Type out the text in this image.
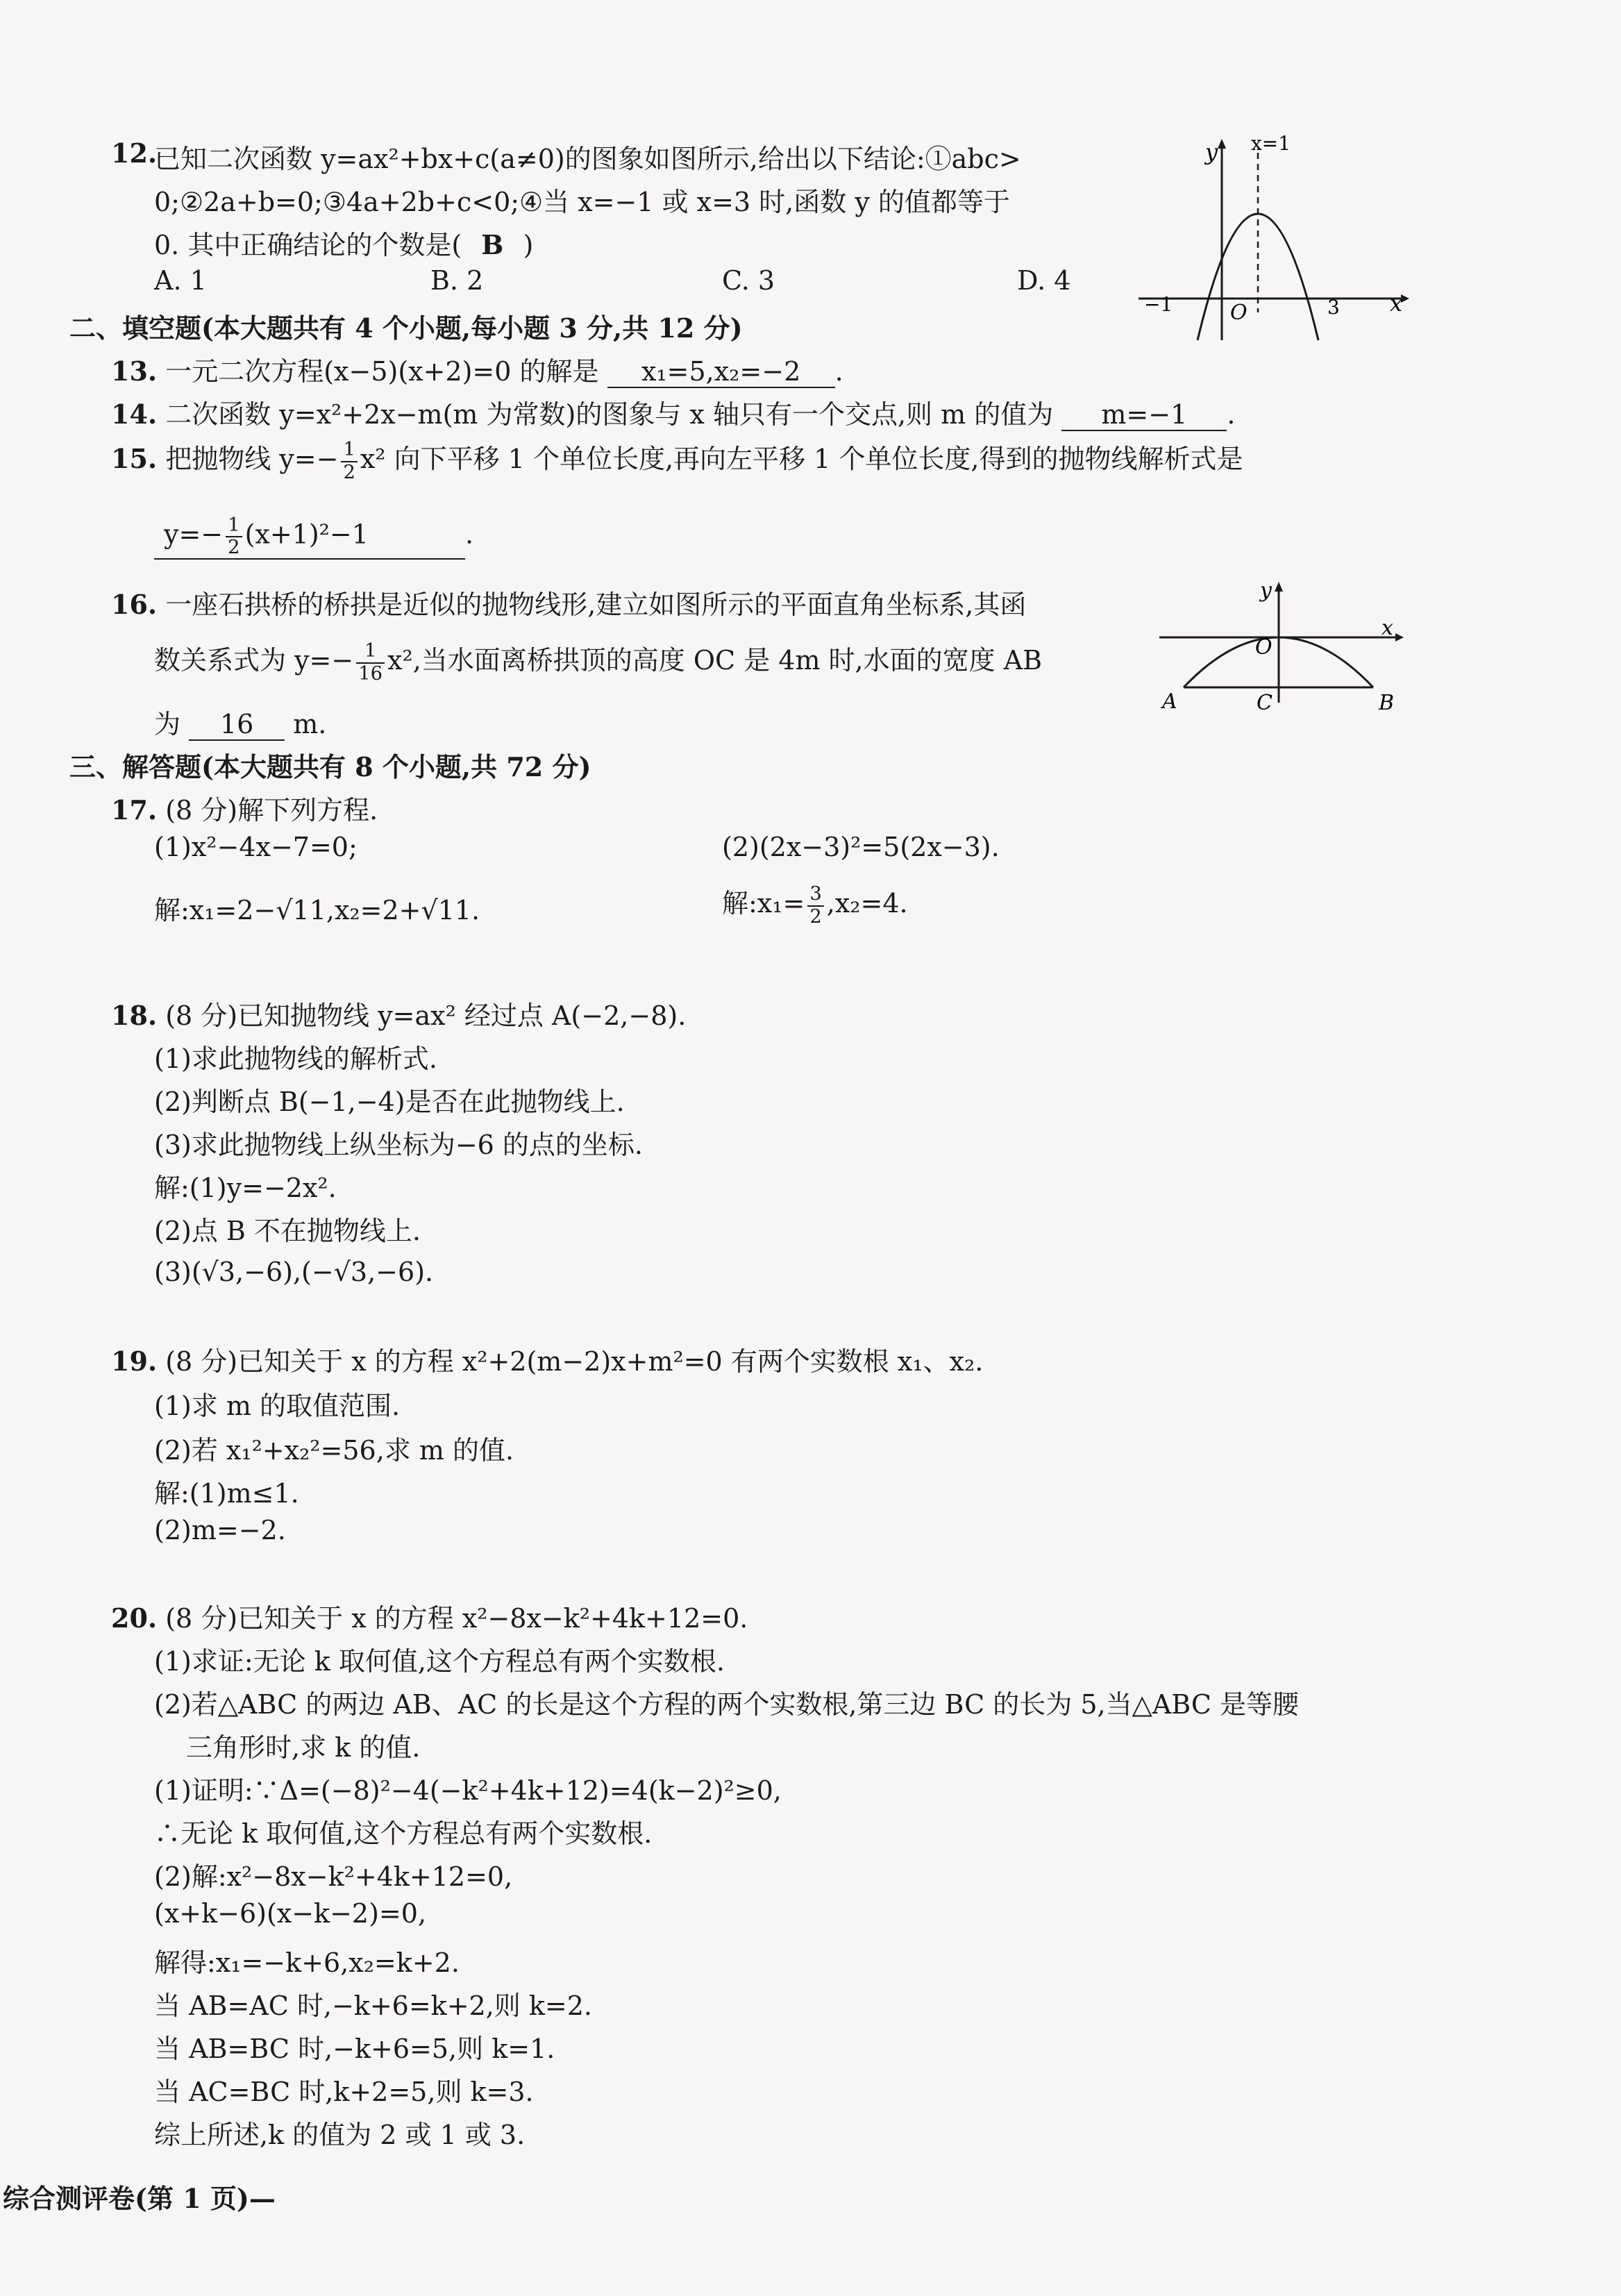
12.
已知二次函数 y=ax²+bx+c(a≠0)的图象如图所示,给出以下结论:①abc>
0;②2a+b=0;③4a+2b+c<0;④当 x=−1 或 x=3 时,函数 y 的值都等于
0. 其中正确结论的个数是( B )
A. 1	B. 2	C. 3	D. 4
y x=1
x
−1	O	3
二、填空题(本大题共有 4 个小题,每小题 3 分,共 12 分)
13. 一元二次方程(x−5)(x+2)=0 的解是 x₁=5,x₂=−2 .
14. 二次函数 y=x²+2x−m(m 为常数)的图象与 x 轴只有一个交点,则 m 的值为 m=−1 .
15. 把抛物线 $y=- \frac{1}{2} x^2$ 向下平移 1 个单位长度,再向左平移 1 个单位长度,得到的抛物线解析式是
$y=- \frac{1}{2} (x+1)^2-1$	.
16. 一座石拱桥的桥拱是近似的抛物线形,建立如图所示的平面直角坐标系,其函
数关系式为 $y=- \frac{1}{16} x^2$,当水面离桥拱顶的高度 OC 是 4m 时,水面的宽度 AB
为 16 m.
y
x
O
A	C	B
三、解答题(本大题共有 8 个小题,共 72 分)
17. (8 分)解下列方程.
(1)x²−4x−7=0;	(2)(2x−3)²=5(2x−3).
解:x₁=2−√11,x₂=2+√11.	解:x₁= $\frac{3}{2} ,x_2=4$.
18. (8 分)已知抛物线 y=ax² 经过点 A(−2,−8).
(1)求此抛物线的解析式.
(2)判断点 B(−1,−4)是否在此抛物线上.
(3)求此抛物线上纵坐标为−6 的点的坐标.
解:(1)y=−2x².
(2)点 B 不在抛物线上.
(3)(√3,−6),(−√3,−6).
19. (8 分)已知关于 x 的方程 x²+2(m−2)x+m²=0 有两个实数根 x₁、x₂.
(1)求 m 的取值范围.
(2)若 x₁²+x₂²=56,求 m 的值.
解:(1)m≤1.
(2)m=−2.
20. (8 分)已知关于 x 的方程 x²−8x−k²+4k+12=0.
(1)求证:无论 k 取何值,这个方程总有两个实数根.
(2)若△ABC 的两边 AB、AC 的长是这个方程的两个实数根,第三边 BC 的长为 5,当△ABC 是等腰
三角形时,求 k 的值.
(1)证明:∵Δ=(−8)²−4(−k²+4k+12)=4(k−2)²≥0,
∴无论 k 取何值,这个方程总有两个实数根.
(2)解:x²−8x−k²+4k+12=0,
(x+k−6)(x−k−2)=0,
解得:x₁=−k+6,x₂=k+2.
当 AB=AC 时,−k+6=k+2,则 k=2.
当 AB=BC 时,−k+6=5,则 k=1.
当 AC=BC 时,k+2=5,则 k=3.
综上所述,k 的值为 2 或 1 或 3.
综合测评卷(第 1 页)—
